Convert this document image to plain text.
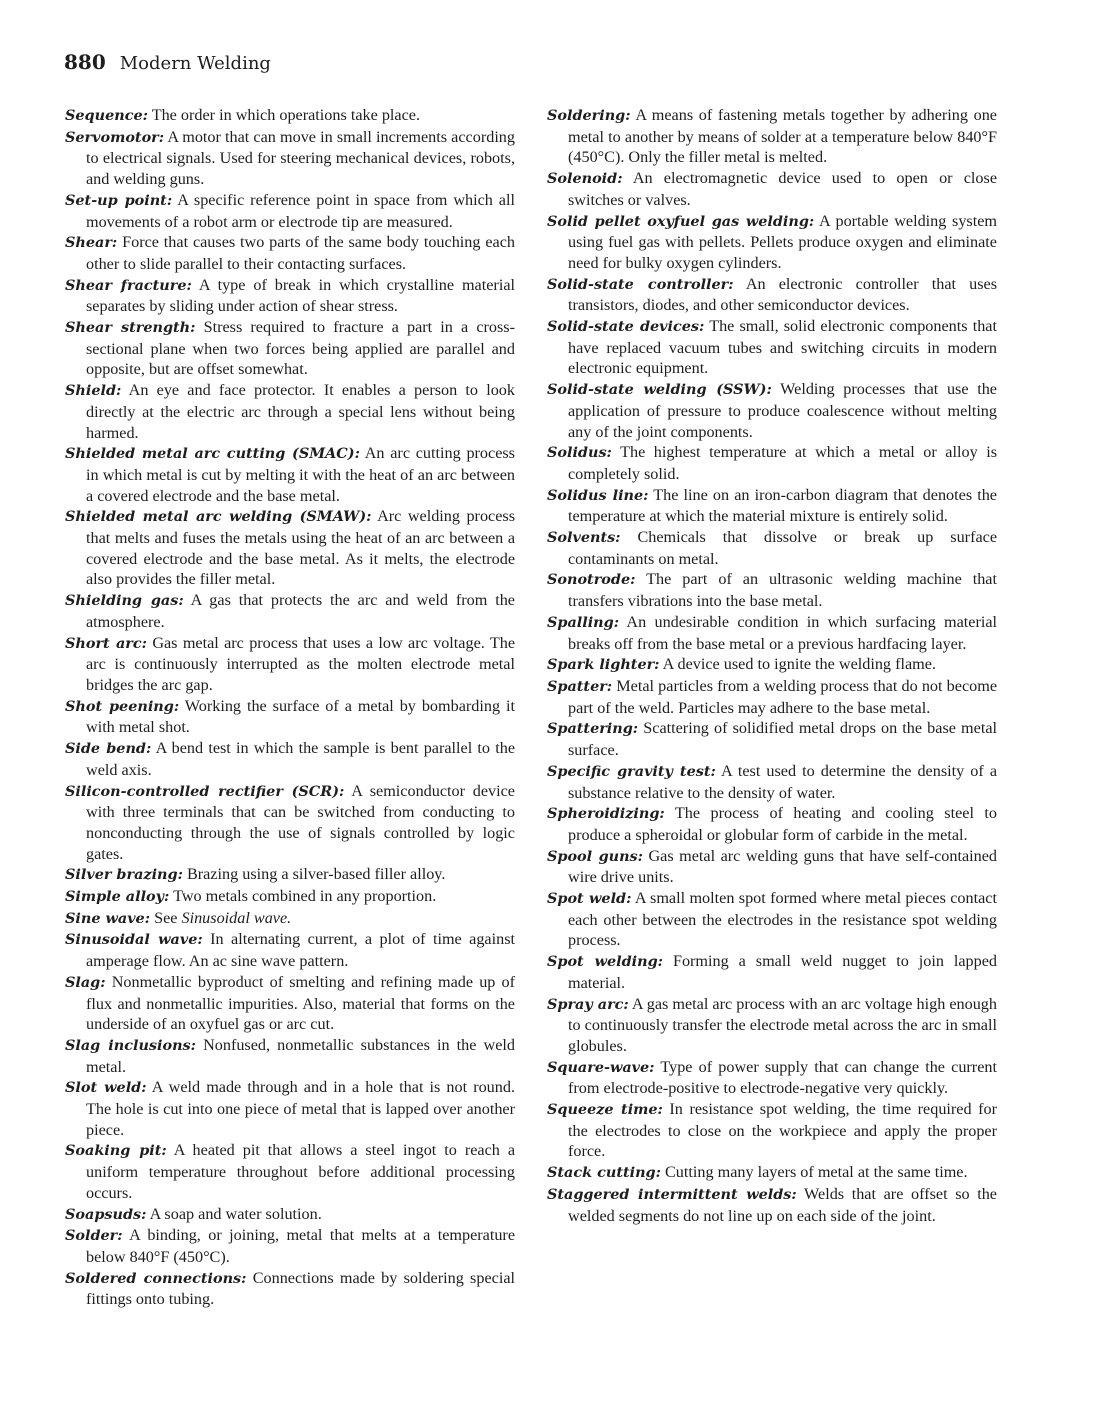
880 Modern Welding

Sequence: The order in which operations take place.

Servomotor: A motor that can move in small increments according to electrical signals. Used for steering mechanical devices, robots, and welding guns.

Set-up point: A specific reference point in space from which all movements of a robot arm or electrode tip are measured.

Shear: Force that causes two parts of the same body touching each other to slide parallel to their contacting surfaces.

Shear fracture: A type of break in which crystalline material separates by sliding under action of shear stress.

Shear strength: Stress required to fracture a part in a cross-sectional plane when two forces being applied are parallel and opposite, but are offset somewhat.

Shield: An eye and face protector. It enables a person to look directly at the electric arc through a special lens without being harmed.

Shielded metal arc cutting (SMAC): An arc cutting process in which metal is cut by melting it with the heat of an arc between a covered electrode and the base metal.

Shielded metal arc welding (SMAW): Arc welding process that melts and fuses the metals using the heat of an arc between a covered electrode and the base metal. As it melts, the electrode also provides the filler metal.

Shielding gas: A gas that protects the arc and weld from the atmosphere.

Short arc: Gas metal arc process that uses a low arc voltage. The arc is continuously interrupted as the molten electrode metal bridges the arc gap.

Shot peening: Working the surface of a metal by bombarding it with metal shot.

Side bend: A bend test in which the sample is bent parallel to the weld axis.

Silicon-controlled rectifier (SCR): A semiconductor device with three terminals that can be switched from conducting to nonconducting through the use of signals controlled by logic gates.

Silver brazing: Brazing using a silver-based filler alloy.

Simple alloy: Two metals combined in any proportion.

Sine wave: See Sinusoidal wave.

Sinusoidal wave: In alternating current, a plot of time against amperage flow. An ac sine wave pattern.

Slag: Nonmetallic byproduct of smelting and refining made up of flux and nonmetallic impurities. Also, material that forms on the underside of an oxyfuel gas or arc cut.

Slag inclusions: Nonfused, nonmetallic substances in the weld metal.

Slot weld: A weld made through and in a hole that is not round. The hole is cut into one piece of metal that is lapped over another piece.

Soaking pit: A heated pit that allows a steel ingot to reach a uniform temperature throughout before additional processing occurs.

Soapsuds: A soap and water solution.

Solder: A binding, or joining, metal that melts at a temperature below 840°F (450°C).

Soldered connections: Connections made by soldering special fittings onto tubing.

Soldering: A means of fastening metals together by adhering one metal to another by means of solder at a temperature below 840°F (450°C). Only the filler metal is melted.

Solenoid: An electromagnetic device used to open or close switches or valves.

Solid pellet oxyfuel gas welding: A portable welding system using fuel gas with pellets. Pellets produce oxygen and eliminate need for bulky oxygen cylinders.

Solid-state controller: An electronic controller that uses transistors, diodes, and other semiconductor devices.

Solid-state devices: The small, solid electronic components that have replaced vacuum tubes and switching circuits in modern electronic equipment.

Solid-state welding (SSW): Welding processes that use the application of pressure to produce coalescence without melting any of the joint components.

Solidus: The highest temperature at which a metal or alloy is completely solid.

Solidus line: The line on an iron-carbon diagram that denotes the temperature at which the material mixture is entirely solid.

Solvents: Chemicals that dissolve or break up surface contaminants on metal.

Sonotrode: The part of an ultrasonic welding machine that transfers vibrations into the base metal.

Spalling: An undesirable condition in which surfacing material breaks off from the base metal or a previous hardfacing layer.

Spark lighter: A device used to ignite the welding flame.

Spatter: Metal particles from a welding process that do not become part of the weld. Particles may adhere to the base metal.

Spattering: Scattering of solidified metal drops on the base metal surface.

Specific gravity test: A test used to determine the density of a substance relative to the density of water.

Spheroidizing: The process of heating and cooling steel to produce a spheroidal or globular form of carbide in the metal.

Spool guns: Gas metal arc welding guns that have self-contained wire drive units.

Spot weld: A small molten spot formed where metal pieces contact each other between the electrodes in the resistance spot welding process.

Spot welding: Forming a small weld nugget to join lapped material.

Spray arc: A gas metal arc process with an arc voltage high enough to continuously transfer the electrode metal across the arc in small globules.

Square-wave: Type of power supply that can change the current from electrode-positive to electrode-negative very quickly.

Squeeze time: In resistance spot welding, the time required for the electrodes to close on the workpiece and apply the proper force.

Stack cutting: Cutting many layers of metal at the same time.

Staggered intermittent welds: Welds that are offset so the welded segments do not line up on each side of the joint.
